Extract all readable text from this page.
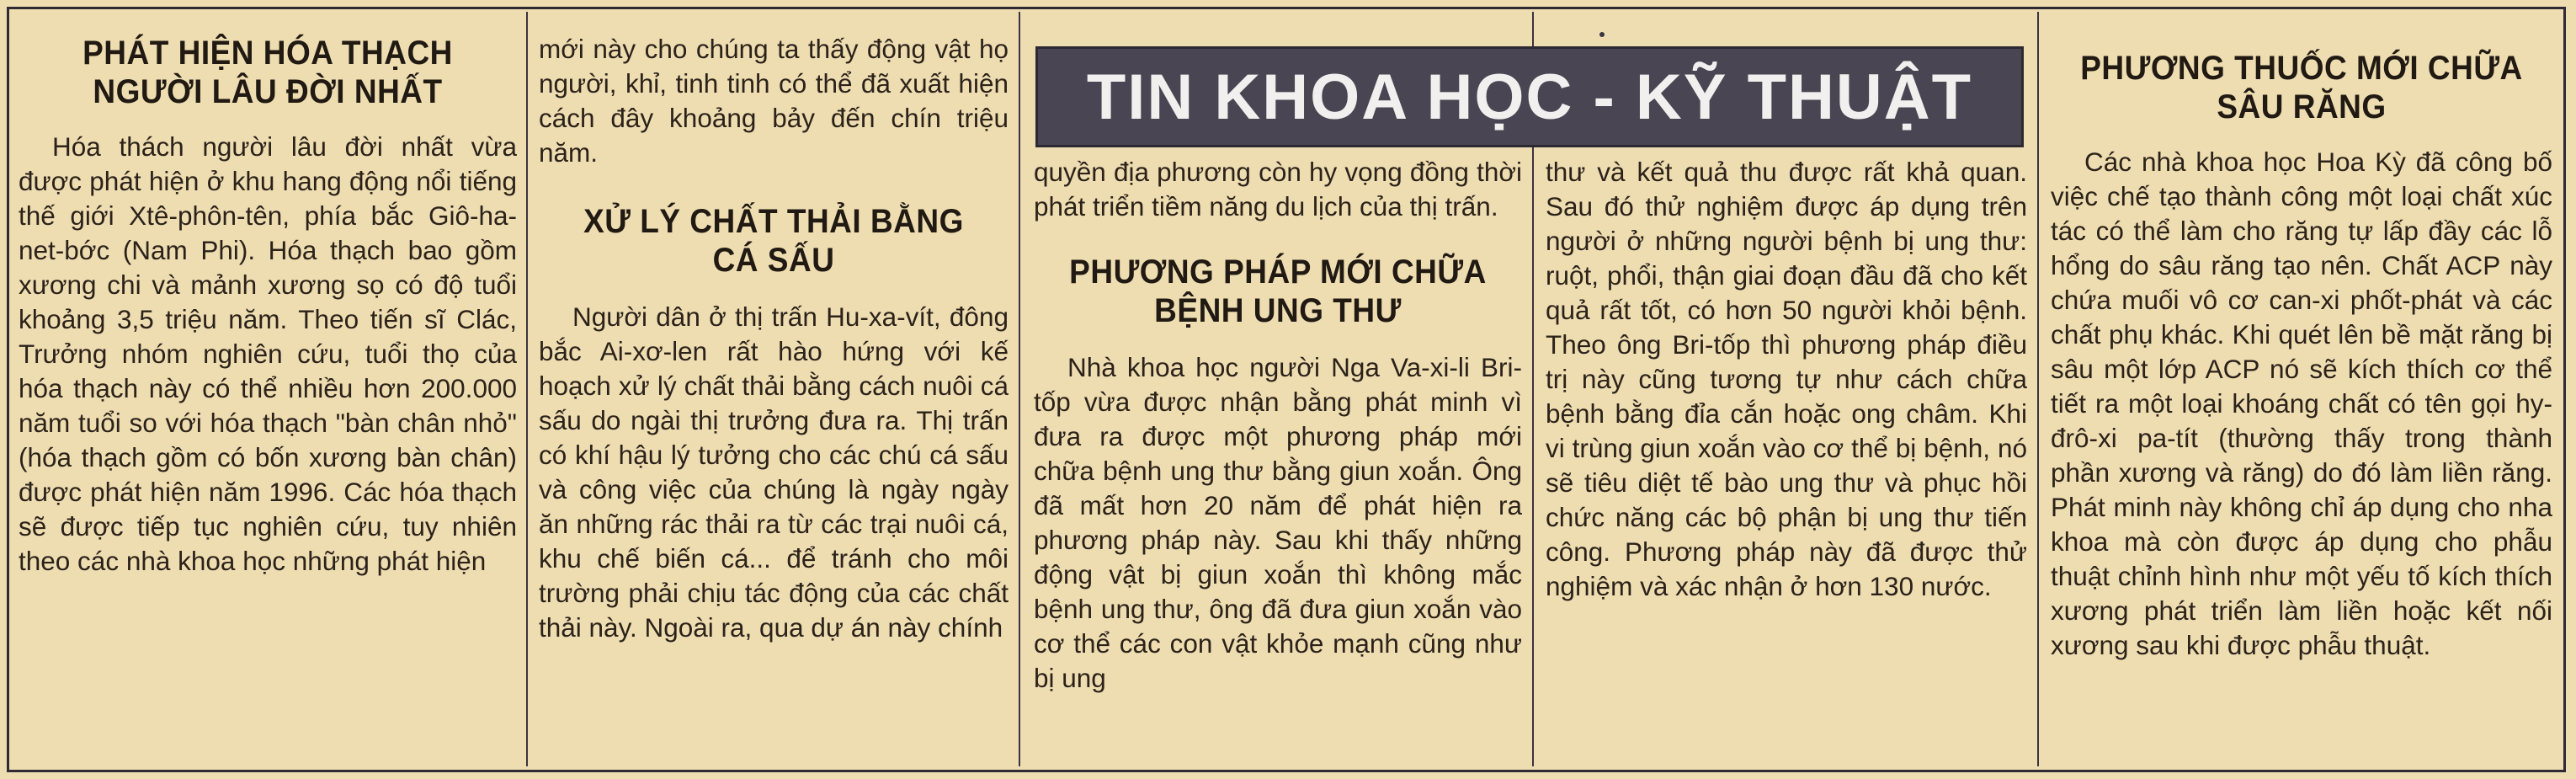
TIN KHOA HỌC - KỸ THUẬT

PHÁT HIỆN HÓA THẠCH

NGƯỜI LÂU ĐỜI NHẤT

Hóa thách người lâu đời nhất vừa được phát hiện ở khu hang động nổi tiếng thế giới Xtê-phôn-tên, phía bắc Giô-ha-net-bớc (Nam Phi). Hóa thạch bao gồm xương chi và mảnh xương sọ có độ tuổi khoảng 3,5 triệu năm. Theo tiến sĩ Clác, Trưởng nhóm nghiên cứu, tuổi thọ của hóa thạch này có thể nhiều hơn 200.000 năm tuổi so với hóa thạch "bàn chân nhỏ" (hóa thạch gồm có bốn xương bàn chân) được phát hiện năm 1996. Các hóa thạch sẽ được tiếp tục nghiên cứu, tuy nhiên theo các nhà khoa học những phát hiện

mới này cho chúng ta thấy động vật họ người, khỉ, tinh tinh có thể đã xuất hiện cách đây khoảng bảy đến chín triệu năm.

XỬ LÝ CHẤT THẢI BẰNG

CÁ SẤU

Người dân ở thị trấn Hu-xa-vít, đông bắc Ai-xơ-len rất hào hứng với kế hoạch xử lý chất thải bằng cách nuôi cá sấu do ngài thị trưởng đưa ra. Thị trấn có khí hậu lý tưởng cho các chú cá sấu và công việc của chúng là ngày ngày ăn những rác thải ra từ các trại nuôi cá, khu chế biến cá... để tránh cho môi trường phải chịu tác động của các chất thải này. Ngoài ra, qua dự án này chính

quyền địa phương còn hy vọng đồng thời phát triển tiềm năng du lịch của thị trấn.

PHƯƠNG PHÁP MỚI CHỮA

BỆNH UNG THƯ

Nhà khoa học người Nga Va-xi-li Bri-tốp vừa được nhận bằng phát minh vì đưa ra được một phương pháp mới chữa bệnh ung thư bằng giun xoắn. Ông đã mất hơn 20 năm để phát hiện ra phương pháp này. Sau khi thấy những động vật bị giun xoắn thì không mắc bệnh ung thư, ông đã đưa giun xoắn vào cơ thể các con vật khỏe mạnh cũng như bị ung

thư và kết quả thu được rất khả quan. Sau đó thử nghiệm được áp dụng trên người ở những người bệnh bị ung thư: ruột, phổi, thận giai đoạn đầu đã cho kết quả rất tốt, có hơn 50 người khỏi bệnh. Theo ông Bri-tốp thì phương pháp điều trị này cũng tương tự như cách chữa bệnh bằng đỉa cắn hoặc ong châm. Khi vi trùng giun xoắn vào cơ thể bị bệnh, nó sẽ tiêu diệt tế bào ung thư và phục hồi chức năng các bộ phận bị ung thư tiến công. Phương pháp này đã được thử nghiệm và xác nhận ở hơn 130 nước.

PHƯƠNG THUỐC MỚI CHỮA

SÂU RĂNG

Các nhà khoa học Hoa Kỳ đã công bố việc chế tạo thành công một loại chất xúc tác có thể làm cho răng tự lấp đầy các lỗ hổng do sâu răng tạo nên. Chất ACP này chứa muối vô cơ can-xi phốt-phát và các chất phụ khác. Khi quét lên bề mặt răng bị sâu một lớp ACP nó sẽ kích thích cơ thể tiết ra một loại khoáng chất có tên gọi hy-đrô-xi pa-tít (thường thấy trong thành phần xương và răng) do đó làm liền răng. Phát minh này không chỉ áp dụng cho nha khoa mà còn được áp dụng cho phẫu thuật chỉnh hình như một yếu tố kích thích xương phát triển làm liền hoặc kết nối xương sau khi được phẫu thuật.
